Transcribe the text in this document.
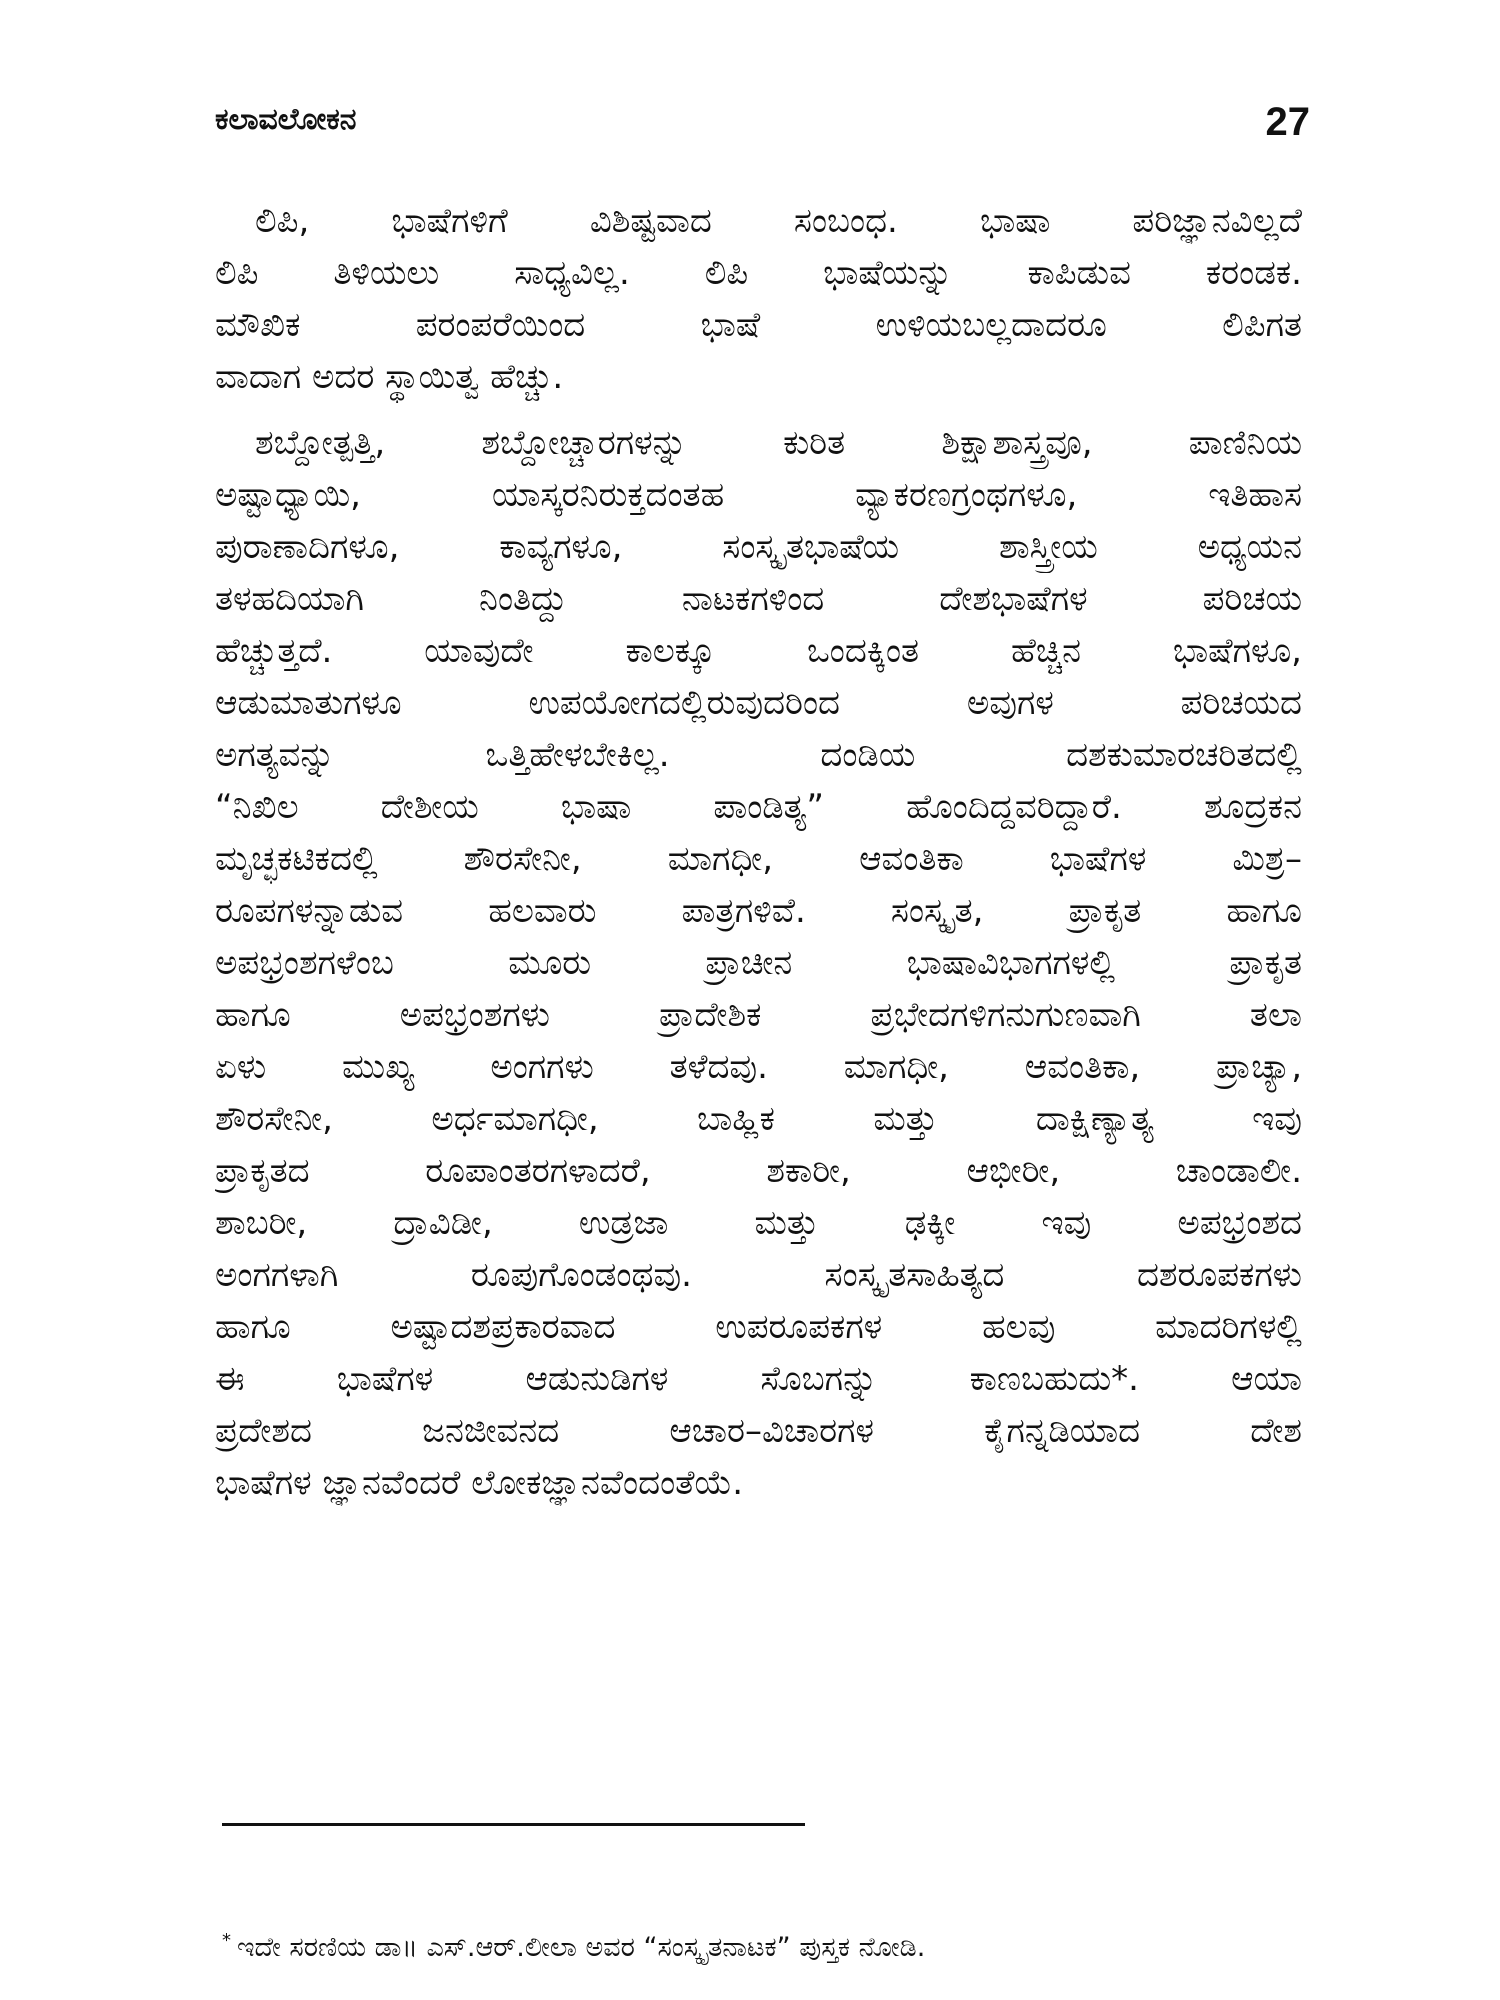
ಕಲಾವಲೋಕನ	27
ಲಿಪಿ, ಭಾಷೆಗಳಿಗೆ ವಿಶಿಷ್ಟವಾದ ಸಂಬಂಧ. ಭಾಷಾ ಪರಿಜ್ಞಾನವಿಲ್ಲದೆ
ಲಿಪಿ ತಿಳಿಯಲು ಸಾಧ್ಯವಿಲ್ಲ. ಲಿಪಿ ಭಾಷೆಯನ್ನು ಕಾಪಿಡುವ ಕರಂಡಕ.
ಮೌಖಿಕ ಪರಂಪರೆಯಿಂದ ಭಾಷೆ ಉಳಿಯಬಲ್ಲದಾದರೂ ಲಿಪಿಗತ
ವಾದಾಗ ಅದರ ಸ್ಥಾಯಿತ್ವ ಹೆಚ್ಚು.
ಶಬ್ದೋತ್ಪತ್ತಿ, ಶಬ್ದೋಚ್ಚಾರಗಳನ್ನು ಕುರಿತ ಶಿಕ್ಷಾಶಾಸ್ತ್ರವೂ, ಪಾಣಿನಿಯ
ಅಷ್ಟಾಧ್ಯಾಯಿ, ಯಾಸ್ಕರನಿರುಕ್ತದಂತಹ ವ್ಯಾಕರಣಗ್ರಂಥಗಳೂ, ಇತಿಹಾಸ
ಪುರಾಣಾದಿಗಳೂ, ಕಾವ್ಯಗಳೂ, ಸಂಸ್ಕೃತಭಾಷೆಯ ಶಾಸ್ತ್ರೀಯ ಅಧ್ಯಯನ
ತಳಹದಿಯಾಗಿ ನಿಂತಿದ್ದು ನಾಟಕಗಳಿಂದ ದೇಶಭಾಷೆಗಳ ಪರಿಚಯ
ಹೆಚ್ಚುತ್ತದೆ. ಯಾವುದೇ ಕಾಲಕ್ಕೂ ಒಂದಕ್ಕಿಂತ ಹೆಚ್ಚಿನ ಭಾಷೆಗಳೂ,
ಆಡುಮಾತುಗಳೂ ಉಪಯೋಗದಲ್ಲಿರುವುದರಿಂದ ಅವುಗಳ ಪರಿಚಯದ
ಅಗತ್ಯವನ್ನು ಒತ್ತಿಹೇಳಬೇಕಿಲ್ಲ. ದಂಡಿಯ ದಶಕುಮಾರಚರಿತದಲ್ಲಿ
“ನಿಖಿಲ ದೇಶೀಯ ಭಾಷಾ ಪಾಂಡಿತ್ಯ” ಹೊಂದಿದ್ದವರಿದ್ದಾರೆ. ಶೂದ್ರಕನ
ಮೃಚ್ಛಕಟಿಕದಲ್ಲಿ ಶೌರಸೇನೀ, ಮಾಗಧೀ, ಆವಂತಿಕಾ ಭಾಷೆಗಳ ಮಿಶ್ರ–
ರೂಪಗಳನ್ನಾಡುವ ಹಲವಾರು ಪಾತ್ರಗಳಿವೆ. ಸಂಸ್ಕೃತ, ಪ್ರಾಕೃತ ಹಾಗೂ
ಅಪಭ್ರಂಶಗಳೆಂಬ ಮೂರು ಪ್ರಾಚೀನ ಭಾಷಾವಿಭಾಗಗಳಲ್ಲಿ ಪ್ರಾಕೃತ
ಹಾಗೂ ಅಪಭ್ರಂಶಗಳು ಪ್ರಾದೇಶಿಕ ಪ್ರಭೇದಗಳಿಗನುಗುಣವಾಗಿ ತಲಾ
ಏಳು ಮುಖ್ಯ ಅಂಗಗಳು ತಳೆದವು. ಮಾಗಧೀ, ಆವಂತಿಕಾ, ಪ್ರಾಚ್ಯಾ,
ಶೌರಸೇನೀ, ಅರ್ಧಮಾಗಧೀ, ಬಾಹ್ಲಿಕ ಮತ್ತು ದಾಕ್ಷಿಣ್ಯಾತ್ಯ ಇವು
ಪ್ರಾಕೃತದ ರೂಪಾಂತರಗಳಾದರೆ, ಶಕಾರೀ, ಆಭೀರೀ, ಚಾಂಡಾಲೀ.
ಶಾಬರೀ, ದ್ರಾವಿಡೀ, ಉಡ್ರಜಾ ಮತ್ತು ಢಕ್ಕೀ ಇವು ಅಪಭ್ರಂಶದ
ಅಂಗಗಳಾಗಿ ರೂಪುಗೊಂಡಂಥವು. ಸಂಸ್ಕೃತಸಾಹಿತ್ಯದ ದಶರೂಪಕಗಳು
ಹಾಗೂ ಅಷ್ಟಾದಶಪ್ರಕಾರವಾದ ಉಪರೂಪಕಗಳ ಹಲವು ಮಾದರಿಗಳಲ್ಲಿ
ಈ ಭಾಷೆಗಳ ಆಡುನುಡಿಗಳ ಸೊಬಗನ್ನು ಕಾಣಬಹುದು*. ಆಯಾ
ಪ್ರದೇಶದ ಜನಜೀವನದ ಆಚಾರ–ವಿಚಾರಗಳ ಕೈಗನ್ನಡಿಯಾದ ದೇಶ
ಭಾಷೆಗಳ ಜ್ಞಾನವೆಂದರೆ ಲೋಕಜ್ಞಾನವೆಂದಂತೆಯೆ.
* ಇದೇ ಸರಣಿಯ ಡಾ॥ ಎಸ್.ಆರ್.ಲೀಲಾ ಅವರ “ಸಂಸ್ಕೃತನಾಟಕ” ಪುಸ್ತಕ ನೋಡಿ.
